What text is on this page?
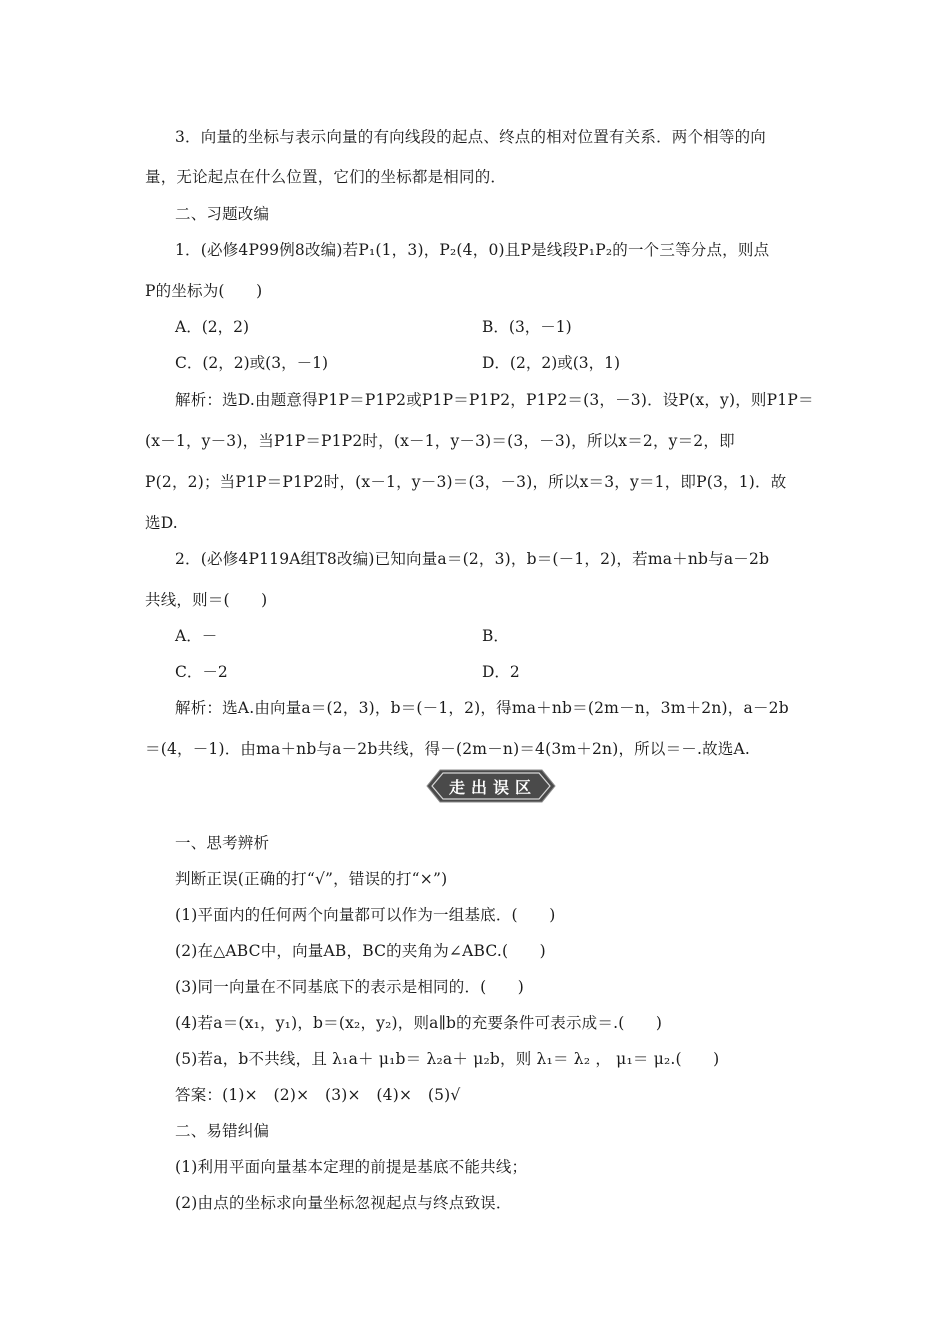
3．向量的坐标与表示向量的有向线段的起点、终点的相对位置有关系．两个相等的向
量，无论起点在什么位置，它们的坐标都是相同的．
二、习题改编
1．(必修4P99例8改编)若P₁(1，3)，P₂(4，0)且P是线段P₁P₂的一个三等分点，则点
P的坐标为(　　)
A．(2，2)	B．(3，－1)
C．(2，2)或(3，－1)	D．(2，2)或(3，1)
解析：选D.由题意得P1P＝P1P2或P1P＝P1P2，P1P2＝(3，－3)．设P(x，y)，则P1P＝
(x－1，y－3)，当P1P＝P1P2时，(x－1，y－3)＝(3，－3)，所以x＝2，y＝2，即
P(2，2)；当P1P＝P1P2时，(x－1，y－3)＝(3，－3)，所以x＝3，y＝1，即P(3，1)．故
选D.
2．(必修4P119A组T8改编)已知向量a＝(2，3)，b＝(－1，2)，若ma＋nb与a－2b
共线，则＝(　　)
A．－	B．
C．－2	D．2
解析：选A.由向量a＝(2，3)，b＝(－1，2)，得ma＋nb＝(2m－n，3m＋2n)，a－2b
＝(4，－1)．由ma＋nb与a－2b共线，得－(2m－n)＝4(3m＋2n)，所以＝－.故选A.
走出误区
一、思考辨析
判断正误(正确的打“√”，错误的打“×”)
(1)平面内的任何两个向量都可以作为一组基底．(　　)
(2)在△ABC中，向量AB，BC的夹角为∠ABC.(　　)
(3)同一向量在不同基底下的表示是相同的．(　　)
(4)若a＝(x₁，y₁)，b＝(x₂，y₂)，则a∥b的充要条件可表示成＝.(　　)
(5)若a，b不共线，且 λ₁a＋ μ₁b＝ λ₂a＋ μ₂b，则 λ₁＝ λ₂ ， μ₁＝ μ₂.(　　)
答案：(1)×　(2)×　(3)×　(4)×　(5)√
二、易错纠偏
(1)利用平面向量基本定理的前提是基底不能共线；
(2)由点的坐标求向量坐标忽视起点与终点致误．
